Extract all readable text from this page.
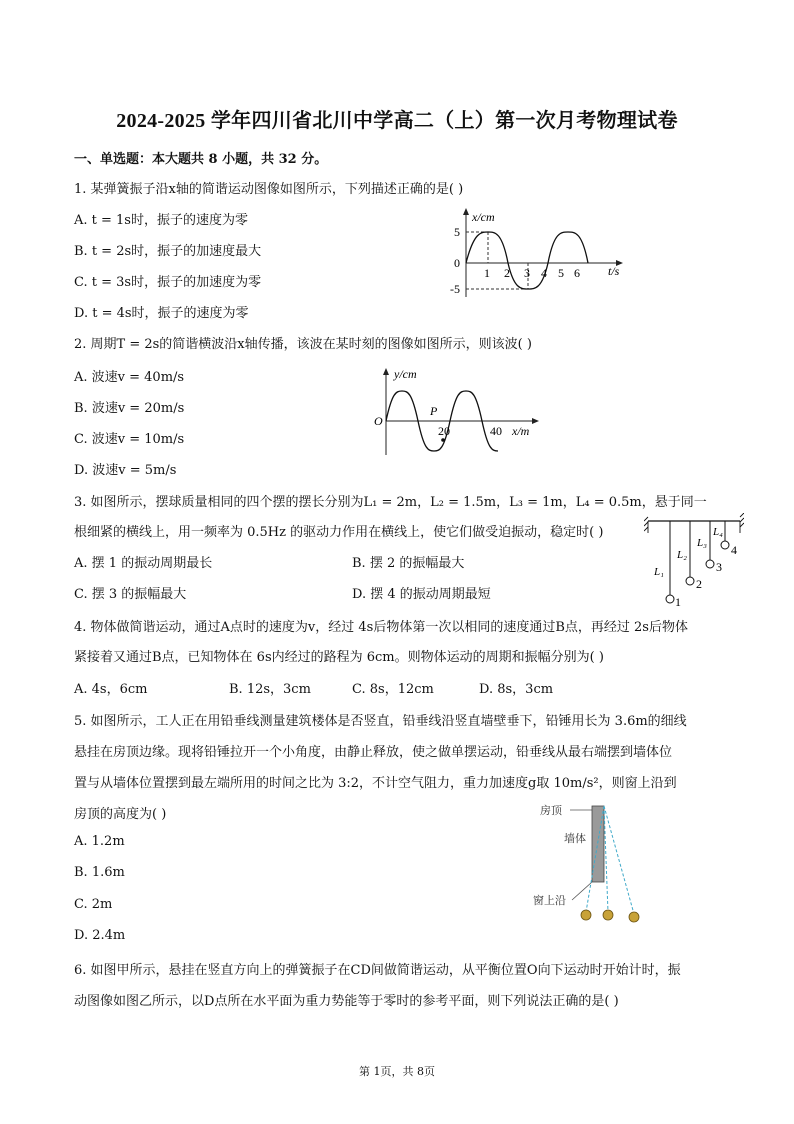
2024-2025 学年四川省北川中学高二（上）第一次月考物理试卷
一、单选题：本大题共 8 小题，共 32 分。
1. 某弹簧振子沿x轴的简谐运动图像如图所示，下列描述正确的是( )
A. t = 1s时，振子的速度为零
B. t = 2s时，振子的加速度最大
C. t = 3s时，振子的加速度为零
D. t = 4s时，振子的速度为零
x/cm
t/s
5
0
-5
1 2 3 4 5 6
2. 周期T = 2s的简谐横波沿x轴传播，该波在某时刻的图像如图所示，则该波( )
A. 波速v = 40m/s
B. 波速v = 20m/s
C. 波速v = 10m/s
D. 波速v = 5m/s
y/cm
x/m
O
P
20	40
3. 如图所示，摆球质量相同的四个摆的摆长分别为L₁ = 2m，L₂ = 1.5m，L₃ = 1m，L₄ = 0.5m，悬于同一
根细紧的横线上，用一频率为 0.5Hz 的驱动力作用在横线上，使它们做受迫振动，稳定时( )
A. 摆 1 的振动周期最长	B. 摆 2 的振幅最大
C. 摆 3 的振幅最大	D. 摆 4 的振动周期最短
L₁
L₂
L₃
L₄
1
2
3
4
4. 物体做简谐运动，通过A点时的速度为v，经过 4s后物体第一次以相同的速度通过B点，再经过 2s后物体
紧接着又通过B点，已知物体在 6s内经过的路程为 6cm。则物体运动的周期和振幅分别为( )
A. 4s，6cm	B. 12s，3cm	C. 8s，12cm	D. 8s，3cm
5. 如图所示，工人正在用铅垂线测量建筑楼体是否竖直，铅垂线沿竖直墙壁垂下，铅锤用长为 3.6m的细线
悬挂在房顶边缘。现将铅锤拉开一个小角度，由静止释放，使之做单摆运动，铅垂线从最右端摆到墙体位
置与从墙体位置摆到最左端所用的时间之比为 3:2，不计空气阻力，重力加速度g取 10m/s²，则窗上沿到
房顶的高度为( )
A. 1.2m
B. 1.6m
C. 2m
D. 2.4m
房顶
墙体
窗上沿
6. 如图甲所示，悬挂在竖直方向上的弹簧振子在CD间做简谐运动，从平衡位置O向下运动时开始计时，振
动图像如图乙所示，以D点所在水平面为重力势能等于零时的参考平面，则下列说法正确的是( )
第 1页，共 8页
